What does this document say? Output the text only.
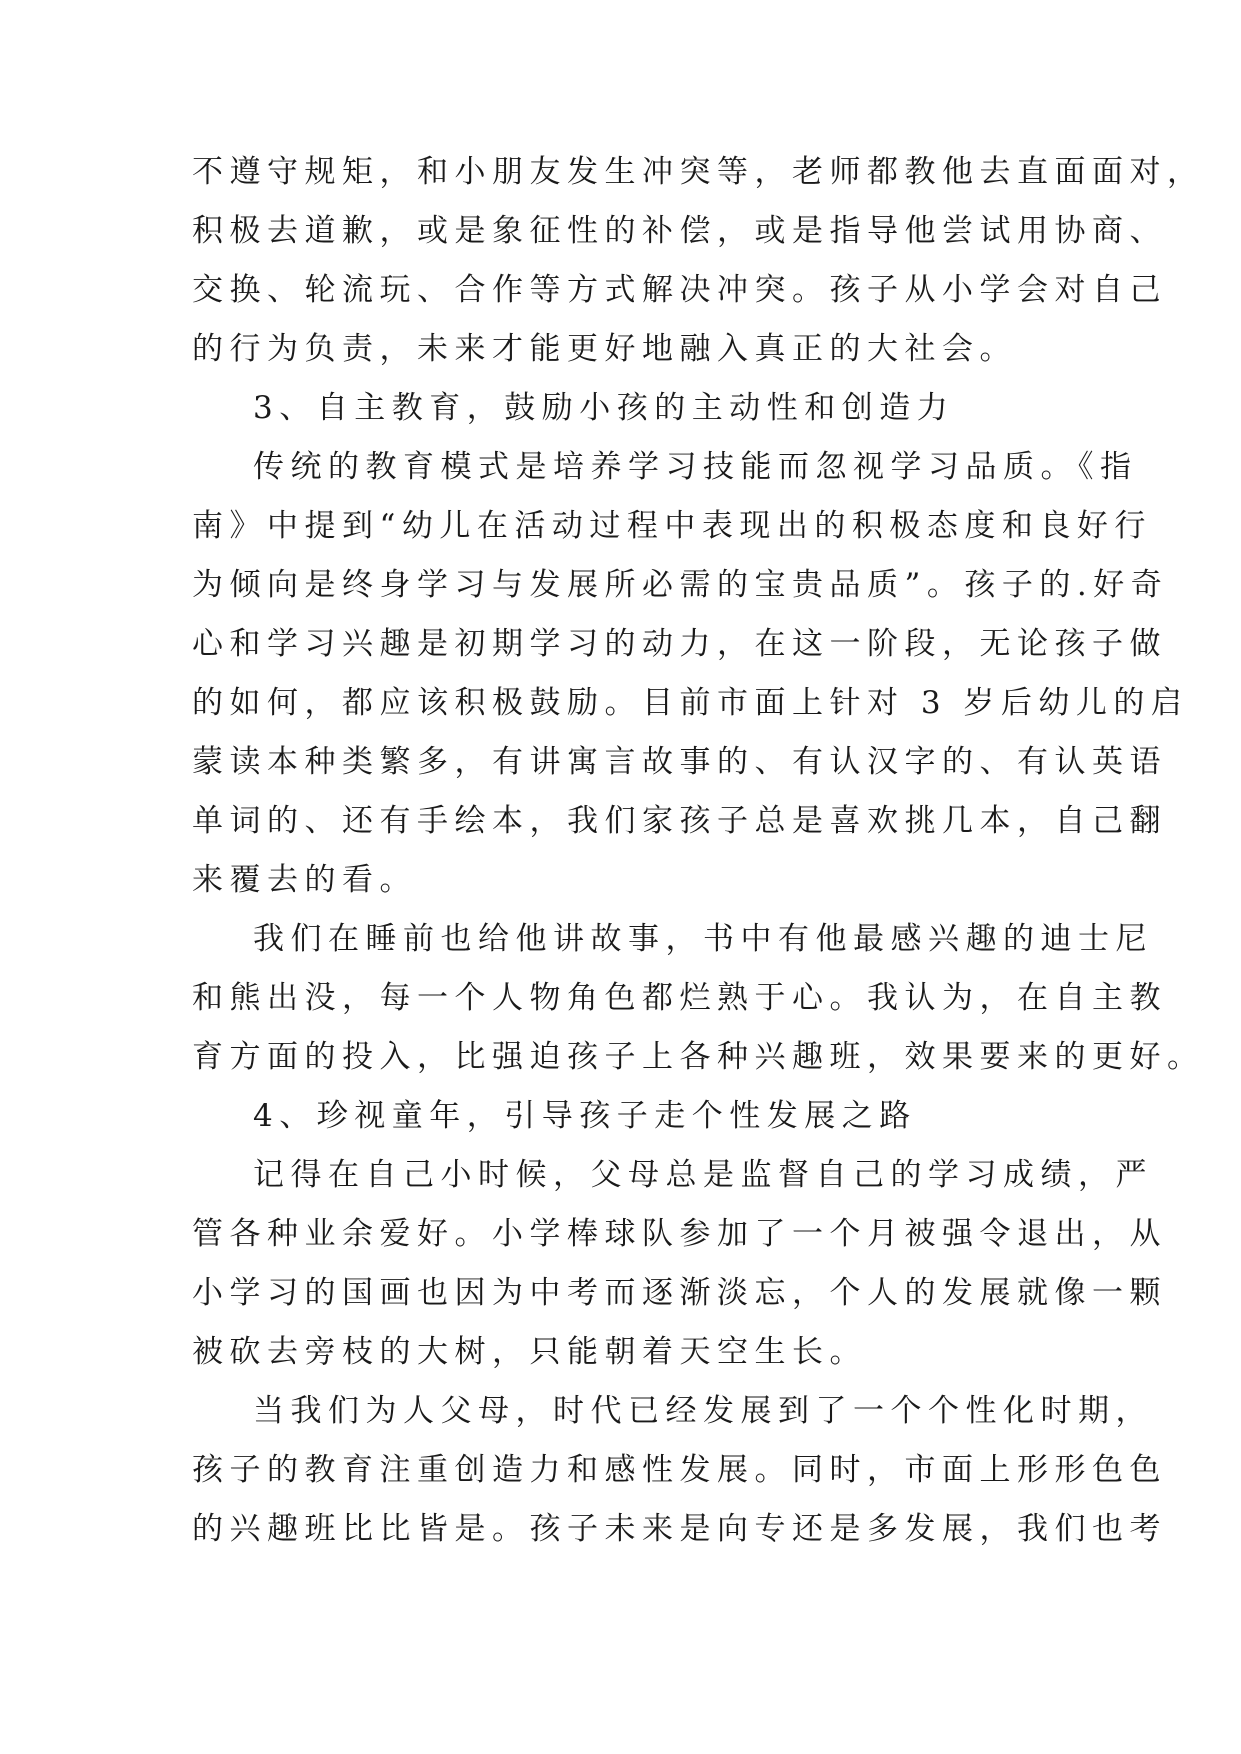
不遵守规矩，和小朋友发生冲突等，老师都教他去直面面对，
积极去道歉，或是象征性的补偿，或是指导他尝试用协商、
交换、轮流玩、合作等方式解决冲突。孩子从小学会对自己
的行为负责，未来才能更好地融入真正的大社会。
3、自主教育，鼓励小孩的主动性和创造力
传统的教育模式是培养学习技能而忽视学习品质。《指
南》中提到“幼儿在活动过程中表现出的积极态度和良好行
为倾向是终身学习与发展所必需的宝贵品质”。孩子的.好奇
心和学习兴趣是初期学习的动力，在这一阶段，无论孩子做
的如何，都应该积极鼓励。目前市面上针对 3 岁后幼儿的启
蒙读本种类繁多，有讲寓言故事的、有认汉字的、有认英语
单词的、还有手绘本，我们家孩子总是喜欢挑几本，自己翻
来覆去的看。
我们在睡前也给他讲故事，书中有他最感兴趣的迪士尼
和熊出没，每一个人物角色都烂熟于心。我认为，在自主教
育方面的投入，比强迫孩子上各种兴趣班，效果要来的更好。
4、珍视童年，引导孩子走个性发展之路
记得在自己小时候，父母总是监督自己的学习成绩，严
管各种业余爱好。小学棒球队参加了一个月被强令退出，从
小学习的国画也因为中考而逐渐淡忘，个人的发展就像一颗
被砍去旁枝的大树，只能朝着天空生长。
当我们为人父母，时代已经发展到了一个个性化时期，
孩子的教育注重创造力和感性发展。同时，市面上形形色色
的兴趣班比比皆是。孩子未来是向专还是多发展，我们也考
